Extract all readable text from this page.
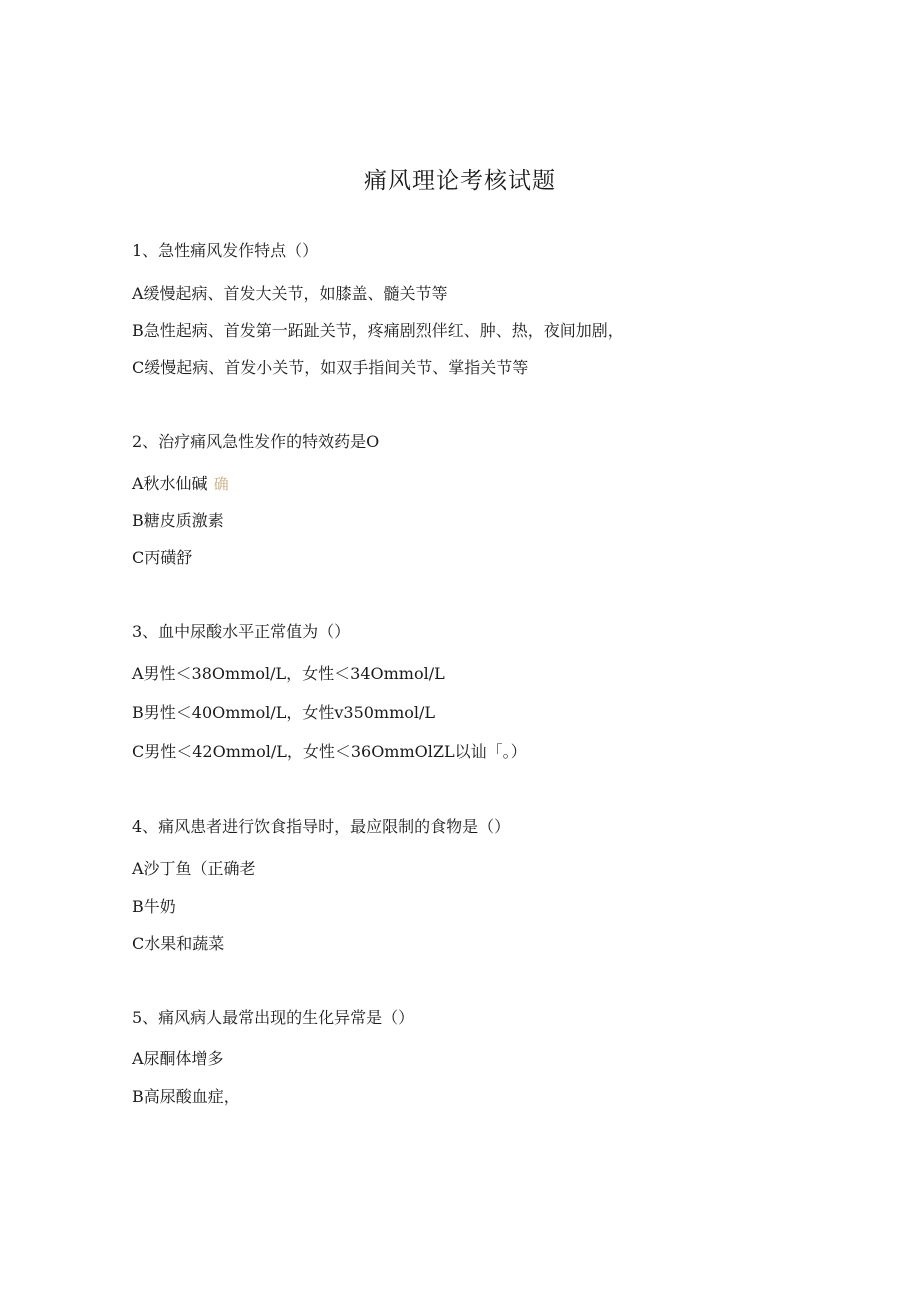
痛风理论考核试题
1、急性痛风发作特点（）
A缓慢起病、首发大关节，如膝盖、髓关节等
B急性起病、首发第一跖趾关节，疼痛剧烈伴红、肿、热，夜间加剧，
C缓慢起病、首发小关节，如双手指间关节、掌指关节等
2、治疗痛风急性发作的特效药是O
A秋水仙碱 确
B糖皮质激素
C丙磺舒
3、血中尿酸水平正常值为（）
A男性＜38Ommol/L，女性＜34Ommol/L
B男性＜40Ommol/L，女性v350mmol/L
C男性＜42Ommol/L，女性＜36OmmOlZL以讪「。）
4、痛风患者进行饮食指导时，最应限制的食物是（）
A沙丁鱼（正确老
B牛奶
C水果和蔬菜
5、痛风病人最常出现的生化异常是（）
A尿酮体增多
B高尿酸血症，
